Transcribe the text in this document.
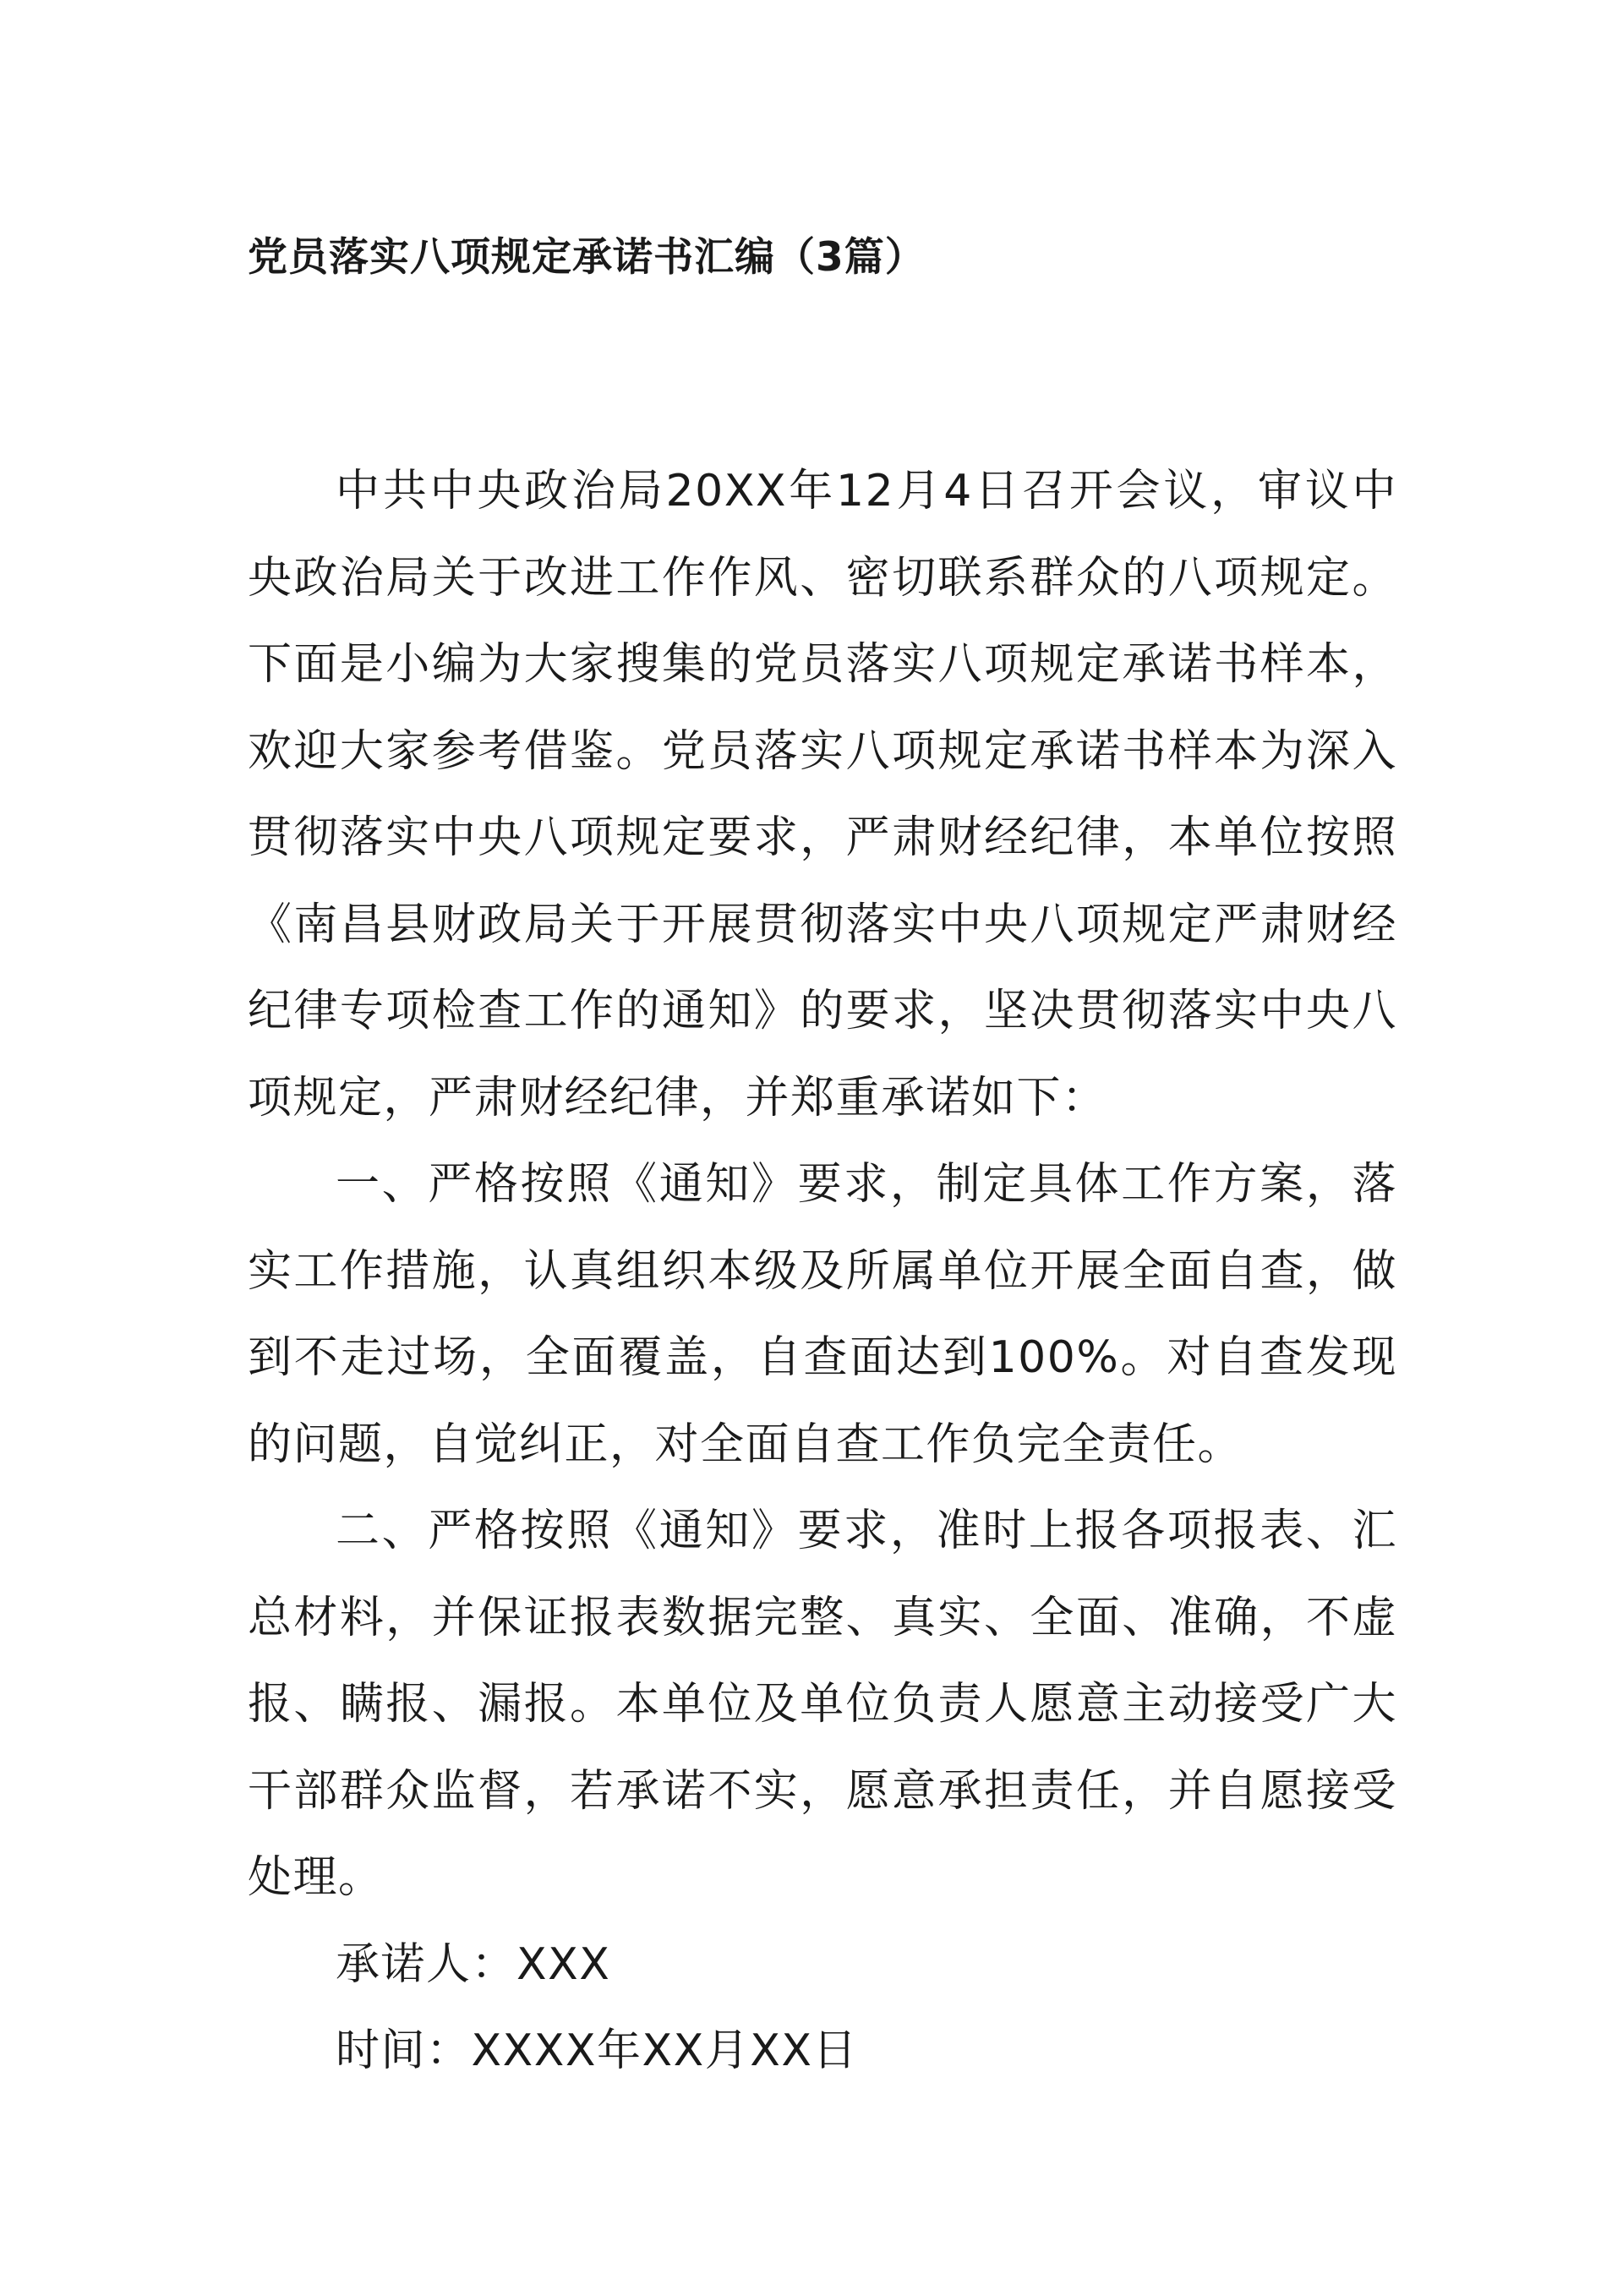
党员落实八项规定承诺书汇编（3篇）

中共中央政治局20XX年12月4日召开会议，审议中央政治局关于改进工作作风、密切联系群众的八项规定。下面是小编为大家搜集的党员落实八项规定承诺书样本，欢迎大家参考借鉴。党员落实八项规定承诺书样本为深入贯彻落实中央八项规定要求，严肃财经纪律，本单位按照《南昌县财政局关于开展贯彻落实中央八项规定严肃财经纪律专项检查工作的通知》的要求，坚决贯彻落实中央八项规定，严肃财经纪律，并郑重承诺如下：

一、严格按照《通知》要求，制定具体工作方案，落实工作措施，认真组织本级及所属单位开展全面自查，做到不走过场，全面覆盖，自查面达到100%。对自查发现的问题，自觉纠正，对全面自查工作负完全责任。

二、严格按照《通知》要求，准时上报各项报表、汇总材料，并保证报表数据完整、真实、全面、准确，不虚报、瞒报、漏报。本单位及单位负责人愿意主动接受广大干部群众监督，若承诺不实，愿意承担责任，并自愿接受处理。

承诺人：XXX

时间：XXXX年XX月XX日
